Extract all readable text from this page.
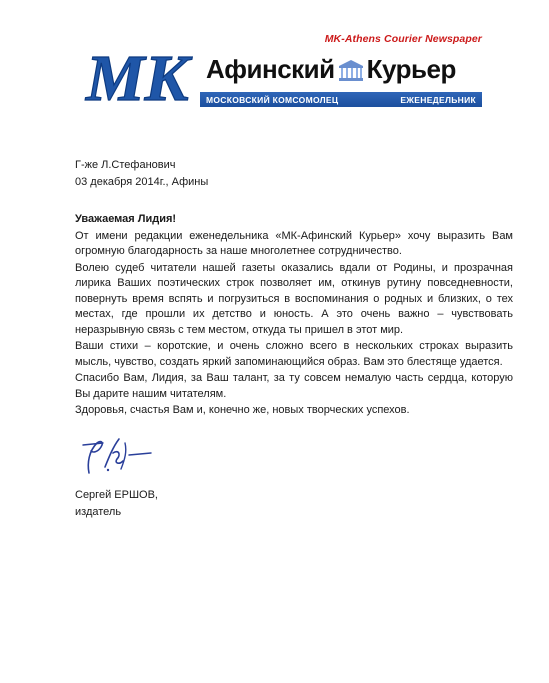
MK-Athens Courier Newspaper
MK Афинский Курьер
МОСКОВСКИЙ КОМСОМОЛЕЦ	ЕЖЕНЕДЕЛЬНИК
Г-же Л.Стефанович
03 декабря 2014г., Афины

Уважаемая Лидия!

От имени редакции еженедельника «МК-Афинский Курьер» хочу выразить Вам огромную благодарность за наше многолетнее сотрудничество.

Волею судеб читатели нашей газеты оказались вдали от Родины, и прозрачная лирика Ваших поэтических строк позволяет им, откинув рутину повседневности, повернуть время вспять и погрузиться в воспоминания о родных и близких, о тех местах, где прошли их детство и юность. А это очень важно – чувствовать неразрывную связь с тем местом, откуда ты пришел в этот мир.

Ваши стихи – коротские, и очень сложно всего в нескольких строках выразить мысль, чувство, создать яркий запоминающийся образ. Вам это блестяще удается.

Спасибо Вам, Лидия, за Ваш талант, за ту совсем немалую часть сердца, которую Вы дарите нашим читателям.

Здоровья, счастья Вам и, конечно же, новых творческих успехов.

Сергей ЕРШОВ,
издатель
